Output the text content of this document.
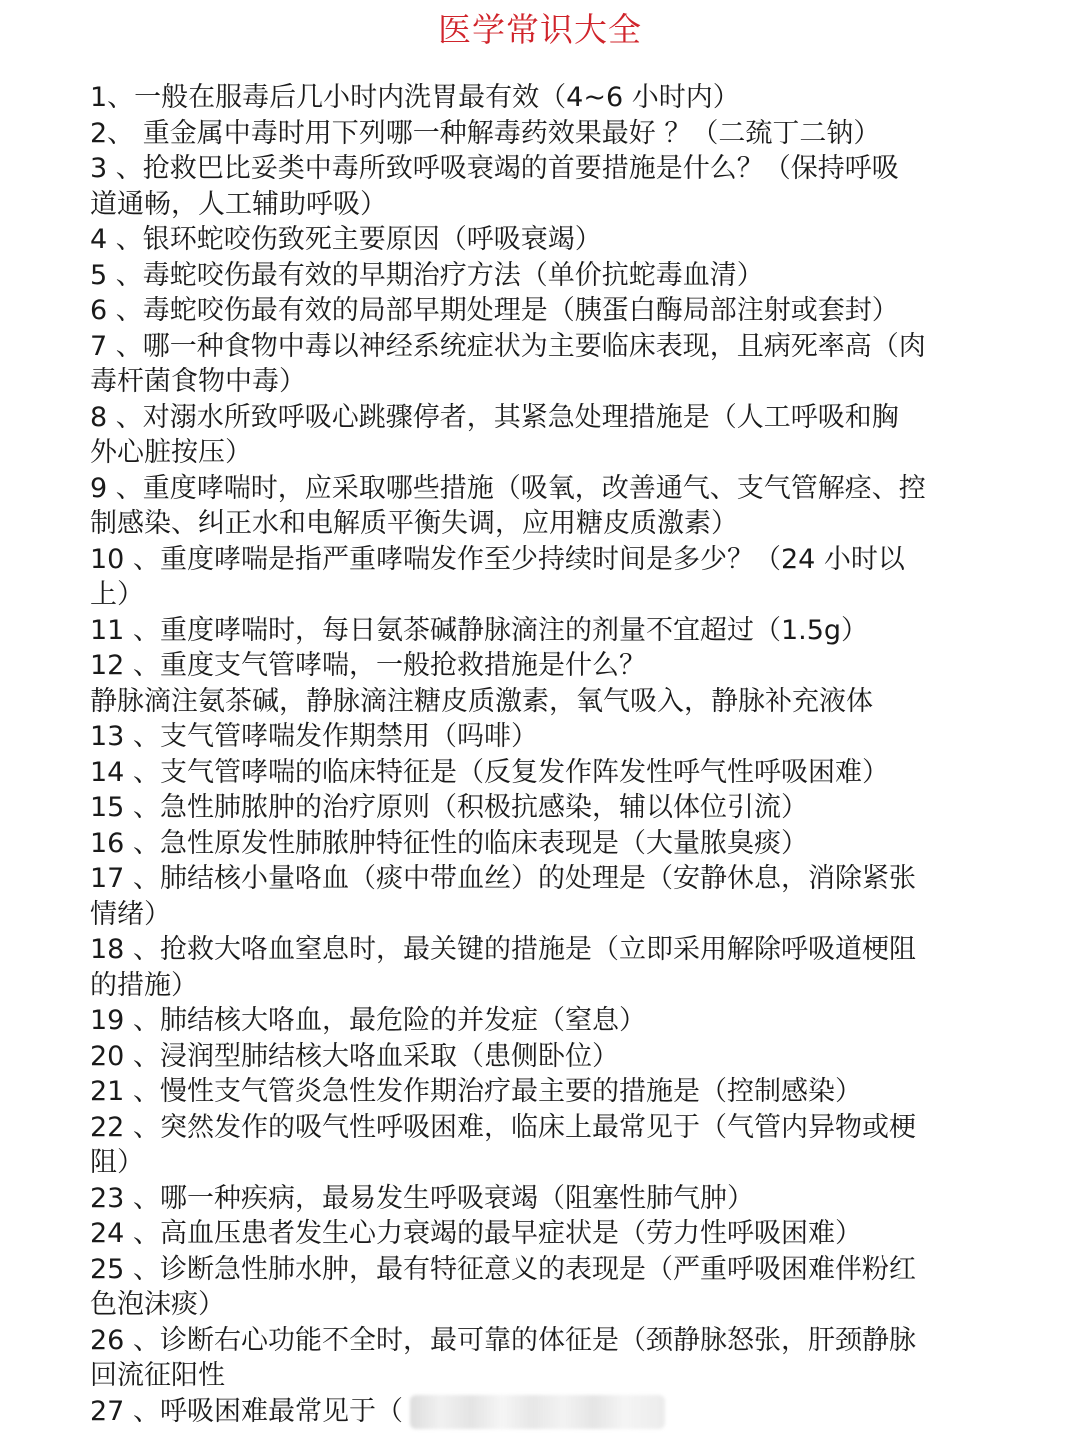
医学常识大全
1、一般在服毒后几小时内洗胃最有效（4~6 小时内）
2、 重金属中毒时用下列哪一种解毒药效果最好 ？（二巯丁二钠）
3 、抢救巴比妥类中毒所致呼吸衰竭的首要措施是什么？（保持呼吸
道通畅，人工辅助呼吸）
4 、银环蛇咬伤致死主要原因（呼吸衰竭）
5 、毒蛇咬伤最有效的早期治疗方法（单价抗蛇毒血清）
6 、毒蛇咬伤最有效的局部早期处理是（胰蛋白酶局部注射或套封）
7 、哪一种食物中毒以神经系统症状为主要临床表现，且病死率高（肉
毒杆菌食物中毒）
8 、对溺水所致呼吸心跳骤停者，其紧急处理措施是（人工呼吸和胸
外心脏按压）
9 、重度哮喘时，应采取哪些措施（吸氧，改善通气、支气管解痉、控
制感染、纠正水和电解质平衡失调，应用糖皮质激素）
10 、重度哮喘是指严重哮喘发作至少持续时间是多少？（24 小时以
上）
11 、重度哮喘时，每日氨茶碱静脉滴注的剂量不宜超过（1.5g）
12 、重度支气管哮喘，一般抢救措施是什么？
静脉滴注氨茶碱，静脉滴注糖皮质激素，氧气吸入，静脉补充液体
13 、支气管哮喘发作期禁用（吗啡）
14 、支气管哮喘的临床特征是（反复发作阵发性呼气性呼吸困难）
15 、急性肺脓肿的治疗原则（积极抗感染，辅以体位引流）
16 、急性原发性肺脓肿特征性的临床表现是（大量脓臭痰）
17 、肺结核小量咯血（痰中带血丝）的处理是（安静休息，消除紧张
情绪）
18 、抢救大咯血窒息时，最关键的措施是（立即采用解除呼吸道梗阻
的措施）
19 、肺结核大咯血，最危险的并发症（窒息）
20 、浸润型肺结核大咯血采取（患侧卧位）
21 、慢性支气管炎急性发作期治疗最主要的措施是（控制感染）
22 、突然发作的吸气性呼吸困难，临床上最常见于（气管内异物或梗
阻）
23 、哪一种疾病，最易发生呼吸衰竭（阻塞性肺气肿）
24 、高血压患者发生心力衰竭的最早症状是（劳力性呼吸困难）
25 、诊断急性肺水肿，最有特征意义的表现是（严重呼吸困难伴粉红
色泡沫痰）
26 、诊断右心功能不全时，最可靠的体征是（颈静脉怒张，肝颈静脉
回流征阳性
27 、呼吸困难最常见于（
